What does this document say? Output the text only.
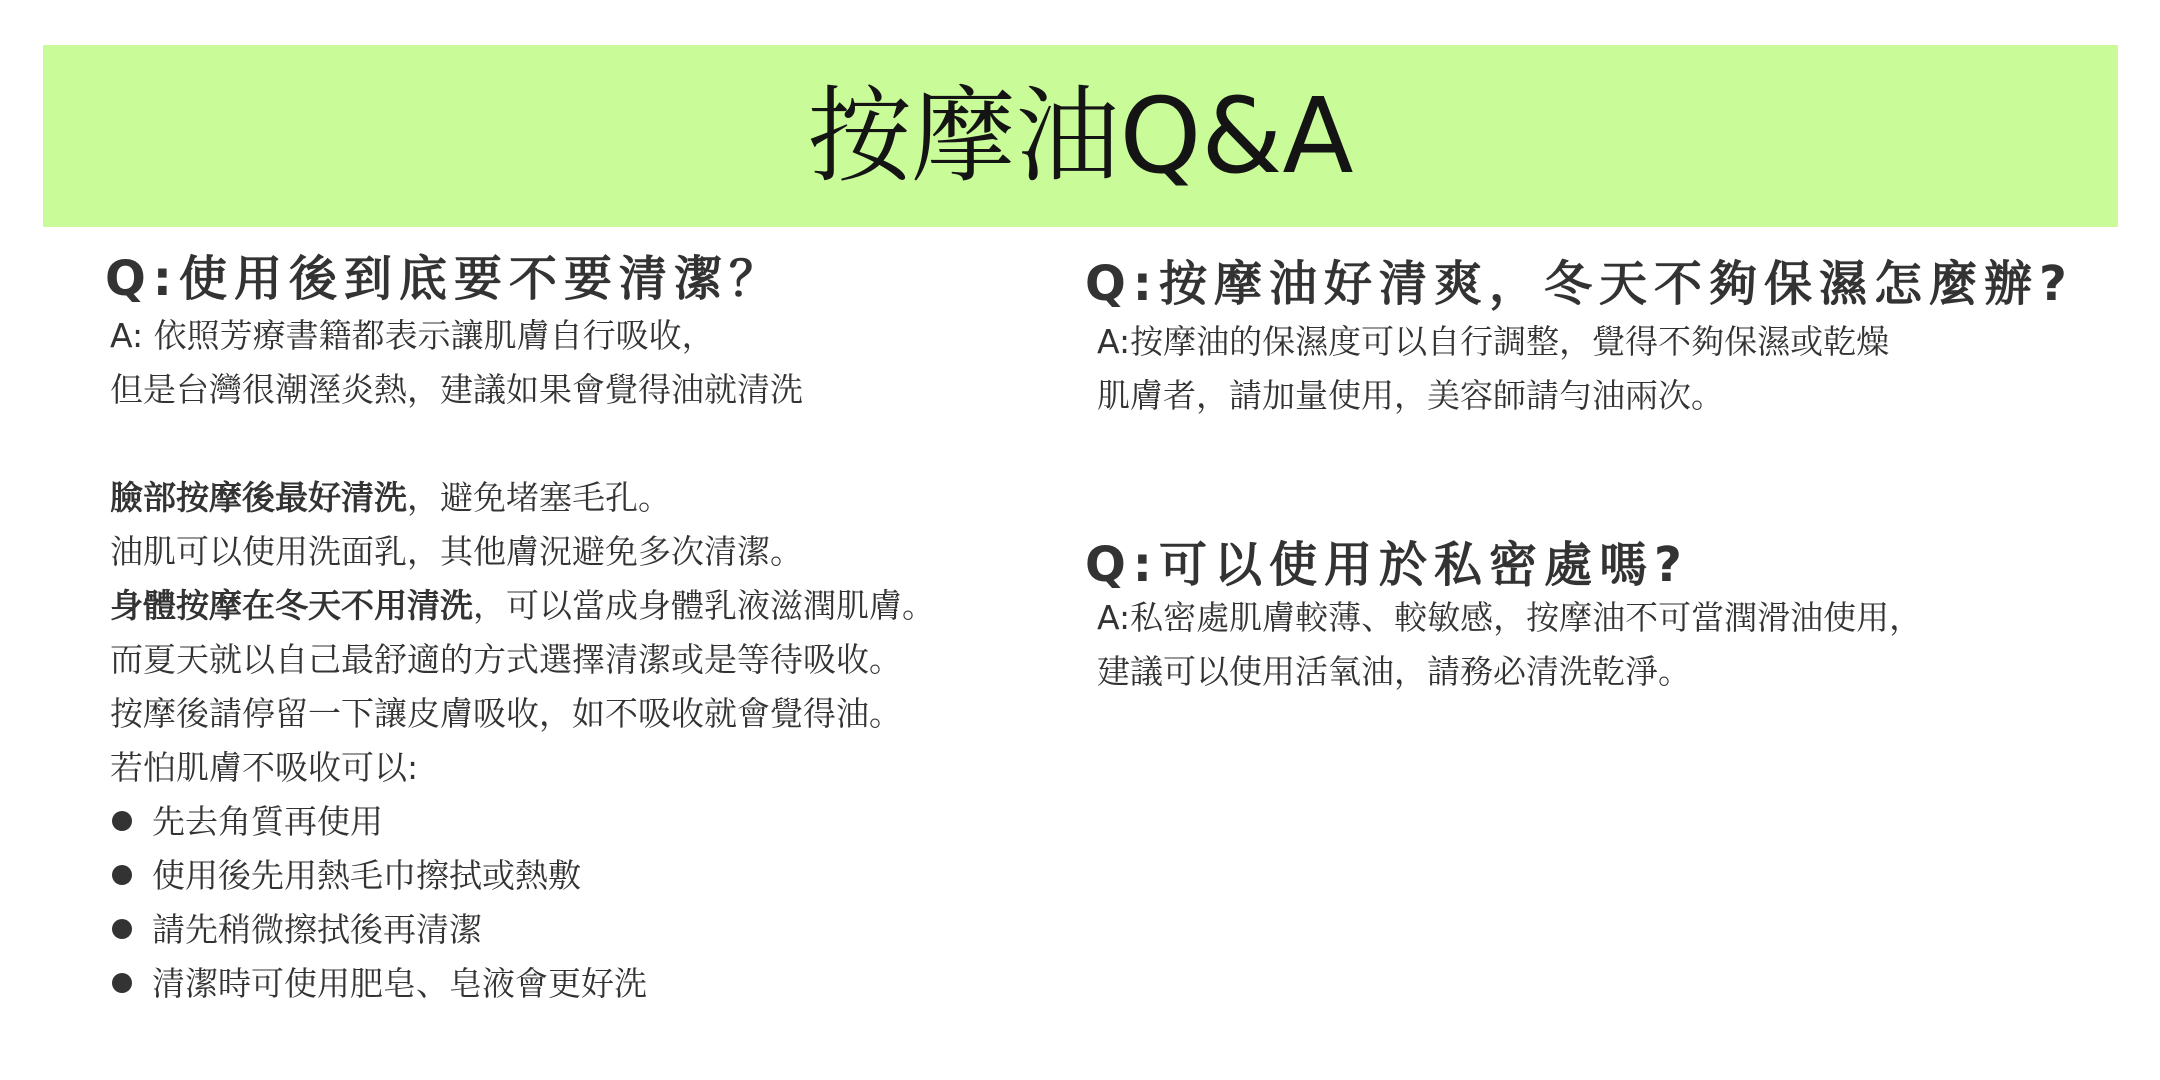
按摩油Q&A
Q:使用後到底要不要清潔？
A: 依照芳療書籍都表示讓肌膚自行吸收，
但是台灣很潮溼炎熱，建議如果會覺得油就清洗
臉部按摩後最好清洗 ，避免堵塞毛孔。
油肌可以使用洗面乳，其他膚況避免多次清潔。
身體按摩在冬天不用清洗 ，可以當成身體乳液滋潤肌膚。
而夏天就以自己最舒適的方式選擇清潔或是等待吸收。
按摩後請停留一下讓皮膚吸收，如不吸收就會覺得油。
若怕肌膚不吸收可以:
先去角質再使用
使用後先用熱毛巾擦拭或熱敷
請先稍微擦拭後再清潔
清潔時可使用肥皂、皂液會更好洗
Q:按摩油好清爽，冬天不夠保濕怎麼辦?
A:按摩油的保濕度可以自行調整，覺得不夠保濕或乾燥
肌膚者，請加量使用，美容師請勻油兩次。
Q:可以使用於私密處嗎?
A:私密處肌膚較薄、較敏感，按摩油不可當潤滑油使用，
建議可以使用活氧油，請務必清洗乾淨。
